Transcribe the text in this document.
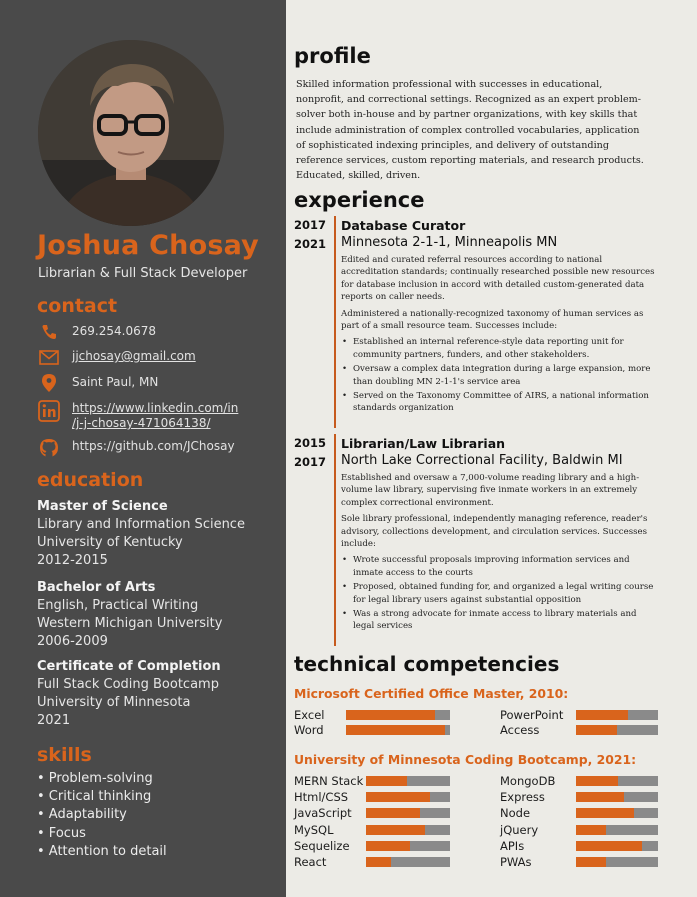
Joshua Chosay
Librarian & Full Stack Developer
contact
269.254.0678
jjchosay@gmail.com
Saint Paul, MN
https://www.linkedin.com/in
/j-j-chosay-471064138/
https://github.com/JChosay
education
Master of Science
Library and Information Science
University of Kentucky
2012-2015
Bachelor of Arts
English, Practical Writing
Western Michigan University
2006-2009
Certificate of Completion
Full Stack Coding Bootcamp
University of Minnesota
2021
skills
• Problem-solving
• Critical thinking
• Adaptability
• Focus
• Attention to detail
profile
Skilled information professional with successes in educational, nonprofit, and correctional settings. Recognized as an expert problem-solver both in-house and by partner organizations, with key skills that include administration of complex controlled vocabularies, application of sophisticated indexing principles, and delivery of outstanding reference services, custom reporting materials, and research products. Educated, skilled, driven.
experience
2017
2021
Database Curator
Minnesota 2-1-1, Minneapolis MN

Edited and curated referral resources according to national accreditation standards; continually researched possible new resources for database inclusion in accord with detailed custom-generated data reports on caller needs.

Administered a nationally-recognized taxonomy of human services as part of a small resource team. Successes include:

• Established an internal reference-style data reporting unit for community partners, funders, and other stakeholders.
• Oversaw a complex data integration during a large expansion, more than doubling MN 2-1-1's service area
• Served on the Taxonomy Committee of AIRS, a national information standards organization
2015
2017
Librarian/Law Librarian
North Lake Correctional Facility, Baldwin MI

Established and oversaw a 7,000-volume reading library and a high-volume law library, supervising five inmate workers in an extremely complex correctional environment.

Sole library professional, independently managing reference, reader's advisory, collections development, and circulation services. Successes include:

• Wrote successful proposals improving information services and inmate access to the courts
• Proposed, obtained funding for, and organized a legal writing course for legal library users against substantial opposition
• Was a strong advocate for inmate access to library materials and legal services
technical competencies
Microsoft Certified Office Master, 2010:
Excel
Word
PowerPoint
Access
University of Minnesota Coding Bootcamp, 2021:
MERN Stack
Html/CSS
JavaScript
MySQL
Sequelize
React
MongoDB
Express
Node
jQuery
APIs
PWAs
